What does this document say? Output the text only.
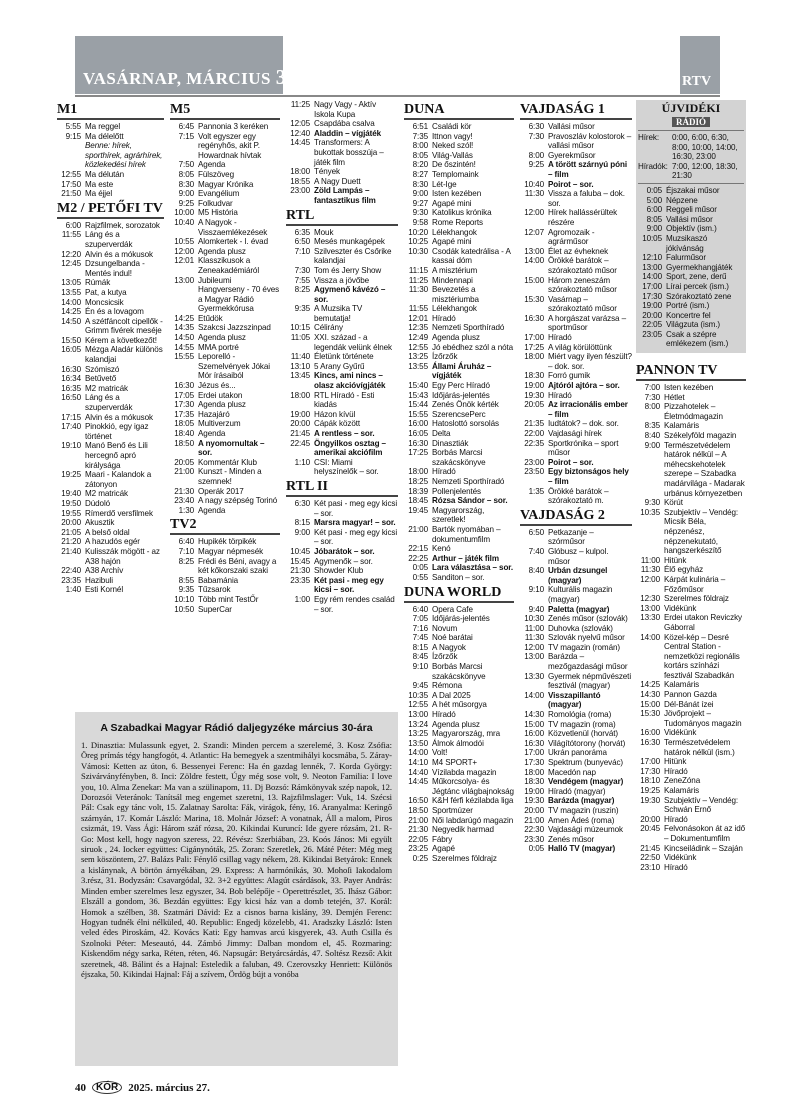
VASÁRNAP, MÁRCIUS 30.	RTV
M1
5:55 Ma reggel
9:15 Ma délelőtt
Benne: hírek, sporthírek, agrárhírek, közlekedési hírek
12:55 Ma délután
17:50 Ma este
21:50 Ma éjjel
M2 / PETŐFI TV
6:00 Rajzfilmek, sorozatok
11:55 Láng és a szuperverdák
12:20 Alvin és a mókusok
12:45 Dzsungelbanda - Mentés indul!
13:05 Rúmák
13:55 Pat, a kutya
14:00 Moncsicsik
14:25 Én és a lovagom
14:50 A szétfáncolt cipellők - Grimm fivérek meséje
15:50 Kérem a következőt!
16:05 Mézga Aladár különös kalandjai
16:30 Szómiszó
16:34 Betűvető
16:35 M2 matricák
16:50 Láng és a szuperverdák
17:15 Alvin és a mókusok
17:40 Pinokkió, egy igaz történet
19:10 Manó Benő és Lili hercegnő apró királysága
19:25 Maari - Kalandok a zátonyon
19:40 M2 matricák
19:50 Dúdoló
19:55 Rímerdő versfilmek
20:00 Akusztik
21:05 A belső oldal
21:20 A hazudós egér
21:40 Kulisszák mögött - az A38 hajón
22:40 A38 Archív
23:35 Hazibuli
1:40 Esti Kornél
M5
6:45 Pannonia 3 keréken
7:15 Volt egyszer egy regényhős, akit P. Howardnak hívtak
7:50 Agenda
8:05 Fülszöveg
8:30 Magyar Krónika
9:00 Evangélium
9:25 Folkudvar
10:00 M5 História
10:40 A Nagyok - Visszaemlékezések
10:55 Alomkertek - I. évad
12:00 Agenda plusz
12:01 Klasszikusok a Zeneakadémiáról
13:00 Jubileumi Hangverseny - 70 éves a Magyar Rádió Gyermekkórusa
14:25 Etűdök
14:35 Szakcsi Jazzszinpad
14:50 Agenda plusz
14:55 MMA portré
15:55 Leporelló - Szemelvények Jókai Mór írásaiból
16:30 Jézus és...
17:05 Erdei utakon
17:30 Agenda plusz
17:35 Hazajáró
18:05 Multiverzum
18:40 Agenda
18:50 A nyomornultak – sor.
20:05 Kommentár Klub
21:00 Kunszt - Minden a szemnek!
21:30 Operák 2017
23:40 A nagy szépség Torinó
1:30 Agenda
TV2
6:40 Hupikék törpikék
7:10 Magyar népmesék
8:25 Frédi és Béni, avagy a két kőkorszaki szaki
8:55 Babamánia
9:35 Tűzsarok
10:10 Több mint TestŐr
10:50 SuperCar
11:25 Nagy Vagy - Aktív Iskola Kupa
12:05 Csapdába csalva
12:40 Aladdin – vígjáték
14:45 Transformers: A bukottak bosszúja – játék film
18:00 Tények
18:55 A Nagy Duett
23:00 Zöld Lampás – fantasztikus film
RTL
6:35 Mouk
6:50 Mesés munkagépek
7:10 Szilveszter és Csőrike kalandjai
7:30 Tom és Jerry Show
7:55 Vissza a jövőbe
8:25 Agymenő kávézó – sor.
9:35 A Muzsika TV bemutatja!
10:15 Célirány
11:05 XXI. század - a legendák velünk élnek
11:40 Életünk története
13:10 5 Arany Gyűrű
13:45 Kincs, ami nincs – olasz akcióvígjáték
18:00 RTL Híradó - Esti kiadás
19:00 Házon kívül
20:00 Cápák között
21:45 A rentless – sor.
22:45 Öngyilkos osztag – amerikai akciófilm
1:10 CSI: Miami helyszínelők – sor.
RTL II
6:30 Két pasi - meg egy kicsi – sor.
8:15 Marsra magyar! – sor.
9:00 Két pasi - meg egy kicsi – sor.
10:45 Jóbarátok – sor.
15:45 Agymenők – sor.
21:30 Showder Klub
23:35 Két pasi - meg egy kicsi – sor.
1:00 Egy rém rendes család – sor.
DUNA
6:51 Családi kör
7:35 Ittnon vagy!
8:00 Neked szól!
8:05 Világ-Vallás
8:20 De őszintén!
8:27 Templomaink
8:30 Lét-Ige
9:00 Isten kezében
9:27 Agapé mini
9:30 Katolikus krónika
9:58 Rome Reports
10:20 Lélekhangok
10:25 Agapé mini
10:30 Csodák katedrálisa - A kassai dóm
11:15 A misztérium
11:25 Mindennapi
11:30 Bevezetés a misztériumba
11:55 Lélekhangok
12:01 Híradó
12:35 Nemzeti Sporthíradó
12:49 Agenda plusz
12:55 Jó ebédhez szól a nóta
13:25 Ízőrzők
13:55 Állami Áruház – vígjáték
15:40 Egy Perc Híradó
15:43 Időjárás-jelentés
15:44 Zenés Önök kérték
15:55 SzerencsePerc
16:00 Hatoslottó sorsolás
16:05 Delta
16:30 Dinasztiák
17:25 Borbás Marcsi szakácskönyve
18:00 Híradó
18:25 Nemzeti Sporthíradó
18:39 Pollenjelentés
18:45 Rózsa Sándor – sor.
19:45 Magyarország, szeretlek!
21:00 Bartók nyomában – dokumentumfilm
22:15 Kenó
22:25 Arthur – játék film
0:05 Lara választása – sor.
0:55 Sanditon – sor.
DUNA WORLD
6:40 Opera Cafe
7:05 Időjárás-jelentés
7:16 Novum
7:45 Noé barátai
8:15 A Nagyok
8:45 Ízőrzők
9:10 Borbás Marcsi szakácskönyve
9:45 Rémona
10:35 A Dal 2025
12:55 A hét műsorgya
13:00 Híradó
13:24 Agenda plusz
13:25 Magyarország, mra
13:50 Álmok álmodói
14:00 Volt!
14:10 M4 SPORT+
14:40 Vízilabda magazin
14:45 Műkorcsolya- és Jégtánc világbajnokság
16:50 K&H férfi kézilabda liga
18:50 Sportmúzer
21:00 Női labdarúgó magazin
21:30 Negyedik harmad
22:05 Fábry
23:25 Agapé
0:25 Szerelmes földrajz
VAJDASÁG 1
6:30 Vallási műsor
7:30 Pravoszláv kolostorok – vallási műsor
8:00 Gyerekműsor
9:25 A törött szárnyú póni – film
10:40 Poirot – sor.
11:30 Vissza a faluba – dok. sor.
12:00 Hírek hallássérültek részére
12:07 Agromozaik - agrárműsor
13:00 Élet az évheknek
14:00 Örökké barátok – szórakoztató műsor
15:00 Három zeneszám szórakoztató műsor
15:30 Vasárnap – szórakoztató műsor
16:30 A horgászat varázsa – sportműsor
17:00 Híradó
17:25 A világ körülöttünk
18:00 Miért vagy ilyen fészült? – dok. sor.
18:30 Forró gumik
19:00 Ajtóról ajtóra – sor.
19:30 Híradó
20:05 Az irracionális ember – film
21:35 Iudtátok? – dok. sor.
22:00 Vajdasági hírek
22:35 Sportkrónika – sport műsor
23:00 Poirot – sor.
23:50 Egy biztonságos hely – film
1:35 Örökké barátok – szórakoztató m.
VAJDASÁG 2
6:50 Petkazanje – szórműsor
7:40 Glóbusz – kulpol. műsor
8:40 Urbán dzsungel (magyar)
9:10 Kulturális magazin (magyar)
9:40 Paletta (magyar)
10:30 Zenés műsor (szlovák)
11:00 Duhovka (szlovák)
11:30 Szlovák nyelvű műsor
12:00 TV magazin (román)
13:00 Barázda – mezőgazdasági műsor
13:30 Gyermek népművészeti fesztivál (magyar)
14:00 Visszapillantó (magyar)
14:30 Romológia (roma)
15:00 TV magazin (roma)
16:00 Közvetlenül (horvát)
16:30 Világítótorony (horvát)
17:00 Ukrán panoráma
17:30 Spektrum (bunyevác)
18:00 Macedón nap
18:30 Vendégem (magyar)
19:00 Híradó (magyar)
19:30 Barázda (magyar)
20:00 TV magazin (ruszin)
21:00 Amen Ádeś (roma)
22:30 Vajdasági múzeumok
23:30 Zenés műsor
0:05 Halló TV (magyar)
ÚJVIDÉKI
RÁDIÓ
Hírek:	0:00, 6:00, 6:30, 8:00, 10:00, 14:00, 16:30, 23:00
Híradók: 7:00, 12:00, 18:30, 21:30
0:05 Éjszakai műsor
5:00 Népzene
6:00 Reggeli műsor
8:05 Vallási műsor
9:00 Objektív (ism.)
10:05 Muzsikaszó jókívánság
12:10 Falurműsor
13:00 Gyermekhangjáték
14:00 Sport, zene, derű
17:00 Lírai percek (ism.)
17:30 Szórakoztató zene
19:00 Portré (ism.)
20:00 Koncertre fel
22:05 Világzuta (ism.)
23:05 Csak a szépre emlékezem (ism.)
PANNON TV
7:00 Isten kezében
7:30 Hétlet
8:00 Pizzahotelek – Életmódmagazin
8:35 Kalamáris
8:40 Székelyföld magazin
9:00 Természetvédelem határok nélkül – A méhecskehotelek szerepe – Szabadka madárvilága - Madarak urbánus környezetben
9:30 Körút
10:35 Szubjektív – Vendég: Micsik Béla, népzenész, népzenekutató, hangszerkészítő
11:00 Hitünk
11:30 Élő egyház
12:00 Kárpát kulinária – Főzőműsor
12:30 Szerelmes földrajz
13:00 Vidékünk
13:30 Erdei utakon Reviczky Gáborral
14:00 Közel-kép – Desré Central Station - nemzetközi regionális kortárs színházi fesztivál Szabadkán
14:25 Kalamáris
14:30 Pannon Gazda
15:00 Dél-Bánát ízei
15:30 Jövőprojekt – Tudományos magazin
16:00 Vidékünk
16:30 Természetvédelem határok nélkül (ism.)
17:00 Hitünk
17:30 Híradó
18:10 ZeneZóna
19:25 Kalamáris
19:30 Szubjektív – Vendég: Schwán Ernő
20:00 Híradó
20:45 Felvonásokon át az idő – Dokumentumfilm
21:45 Kincseiládink – Szaján
22:50 Vidékünk
23:10 Híradó
A Szabadkai Magyar Rádió daljegyzéke március 30-ára

1. Dinasztia: Mulassunk egyet, 2. Szandi: Minden percem a szerelemé, 3. Kosz Zsófia: Öreg prímás tégy hangfogót, 4. Atlantic: Ha bemegyek a szentmihályi kocsmába, 5. Záray-Vámosi: Ketten az úton, 6. Bessenyei Ferenc: Ha én gazdag lennék, 7. Korda György: Szivárványfényben, 8. Inci: Zöldre festett, Úgy még sose volt, 9. Neoton Familia: I love you, 10. Alma Zenekar: Ma van a szülinapom, 11. Dj Bozsó: Rámkönyvak szép napok, 12. Dorozsói Veteránok: Tanítsál meg engemet szeretni, 13. Rajzfilmslager: Vuk, 14. Szécsi Pál: Csak egy tánc volt, 15. Zalatnay Sarolta: Fák, virágok, fény, 16. Aranyalma: Keringő szárnyán, 17. Komár László: Marina, 18. Molnár József: A vonatnak, Áll a malom, Piros csizmát, 19. Vass Ági: Három száf rózsa, 20. Kikindai Kuruncí: Ide gyere rózsám, 21. R-Go: Most kell, hogy nagyon szeress, 22. Révész: Szerbiában, 23. Koós János: Mi egyült siruok , 24. Iocker együttes: Cigánynóták, 25. Zoran: Szeretlek, 26. Máté Péter: Még meg sem köszöntem, 27. Balázs Pali: Fénylő csillag vagy nékem, 28. Kikindai Betyárok: Ennek a kislánynak, A börtön árnyékában, 29. Express: A harmónikás, 30. Mohoſi Iakodalom 3.rész, 31. Bodyzsán: Csavargódal, 32. 3+2 együttes: Alagút csárdások, 33. Payer András: Minden ember szerelmes lesz egyszer, 34. Bob belépője - Operettrészlet, 35. Ihász Gábor: Elszáll a gondom, 36. Bezdán együttes: Egy kicsi ház van a domb tetején, 37. Korál: Homok a szélben, 38. Szatmári Dávid: Ez a cisnos barna kislány, 39. Demjén Ferenc: Hogyan tudnék élni nélküled, 40. Republic: Engedj közelebb, 41. Aradszky László: Isten veled édes Piroskám, 42. Kovács Kati: Egy hamvas arcú kisgyerek, 43. Auth Csilla és Szolnoki Péter: Meseautó, 44. Zámbó Jimmy: Dalban mondom el, 45. Rozmaring: Kiskendőm négy sarka, Réten, réten, 46. Napsugár: Betyárcsárdás, 47. Soltész Rezső: Akit szeretnek, 48. Bálint és a Hajnal: Esteledik a faluban, 49. Czerovszky Henriett: Különös éjszaka, 50. Kikindai Hajnal: Fáj a szívem, Ördög bújt a vonóba

40	KÓR 2025. március 27.
